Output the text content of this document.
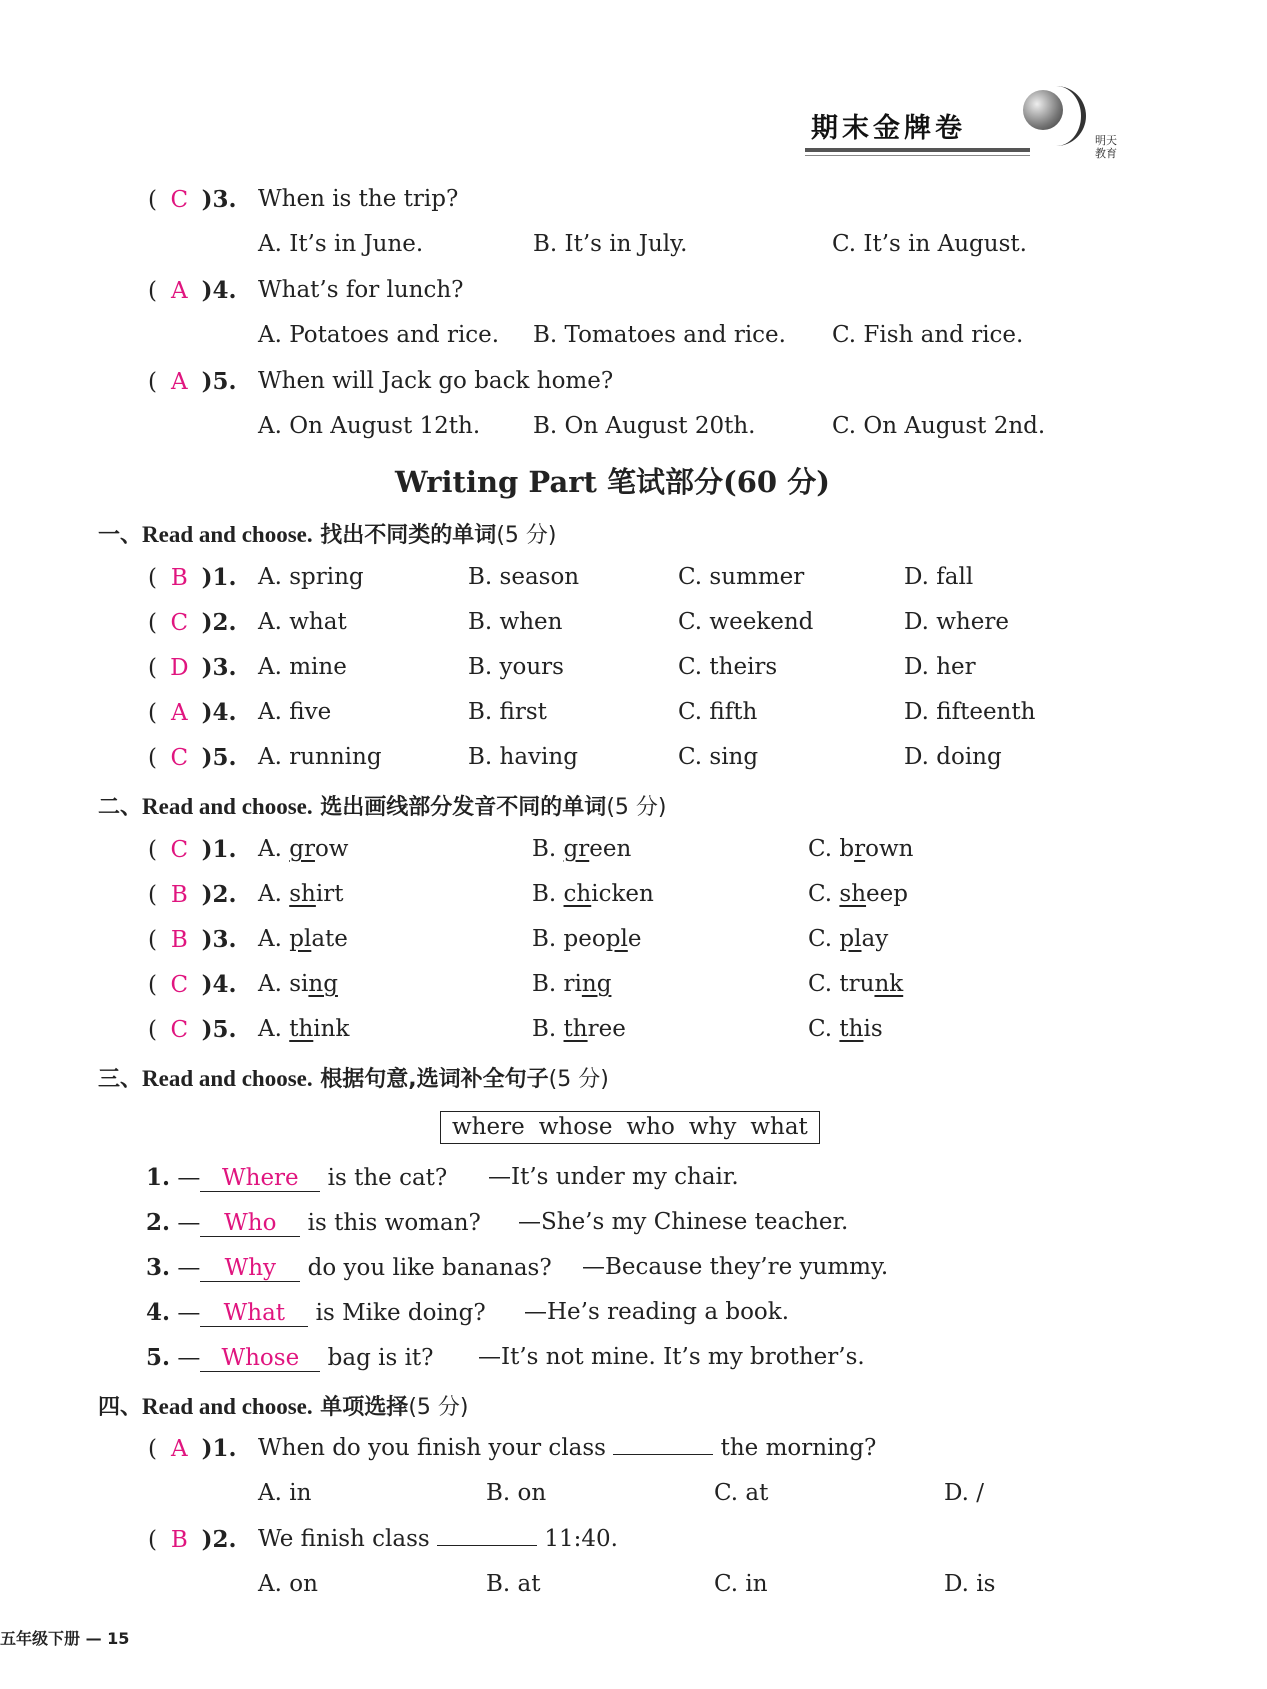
期末金牌卷	明天
教育
( C )3. When is the trip?
A. It’s in June.	B. It’s in July.	C. It’s in August.
( A )4. What’s for lunch?
A. Potatoes and rice. B. Tomatoes and rice. C. Fish and rice.
( A )5. When will Jack go back home?
A. On August 12th. B. On August 20th.	C. On August 2nd.
Writing Part 笔试部分(60 分)
一、Read and choose. 找出不同类的单词(5 分)
( B )1. A. spring	B. season	C. summer	D. fall
( C )2. A. what	B. when	C. weekend	D. where
( D )3. A. mine	B. yours	C. theirs	D. her
( A )4. A. five	B. first	C. fifth	D. fifteenth
( C )5. A. running	B. having	C. sing	D. doing
二、Read and choose. 选出画线部分发音不同的单词(5 分)
( C )1. A. grow	B. green	C. brown
( B )2. A. shirt	B. chicken	C. sheep
( B )3. A. plate	B. people	C. play
( C )4. A. sing	B. ring	C. trunk
( C )5. A. think	B. three	C. this
三、Read and choose. 根据句意,选词补全句子(5 分)
where whose who why what
1. — Where is the cat? —It’s under my chair.
2. — Who is this woman? —She’s my Chinese teacher.
3. — Why do you like bananas? —Because they’re yummy.
4. — What is Mike doing? —He’s reading a book.
5. — Whose bag is it? —It’s not mine. It’s my brother’s.
四、Read and choose. 单项选择(5 分)
( A )1. When do you finish your class	the morning?
A. in	B. on	C. at	D. /
( B )2. We finish class	11:40.
A. on	B. at	C. in	D. is
五年级下册 — 15
